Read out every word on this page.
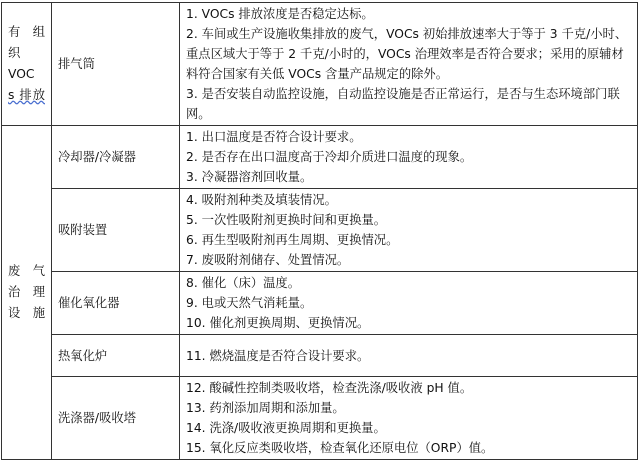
有 组
织 VOC
s 排放	排气筒	1. VOCs 排放浓度是否稳定达标。
2. 车间或生产设施收集排放的废气，VOCs 初始排放速率大于等于 3 千克/小时、重点区域大于等于 2 千克/小时的，VOCs 治理效率是否符合要求；采用的原辅材料符合国家有关低 VOCs 含量产品规定的除外。
3. 是否安装自动监控设施，自动监控设施是否正常运行，是否与生态环境部门联网。

废 气
治理
设施	冷却器/冷凝器	1. 出口温度是否符合设计要求。
2. 是否存在出口温度高于冷却介质进口温度的现象。
3. 冷凝器溶剂回收量。

	吸附装置	4. 吸附剂种类及填装情况。
5. 一次性吸附剂更换时间和更换量。
6. 再生型吸附剂再生周期、更换情况。
7. 废吸附剂储存、处置情况。

	催化氧化器	8. 催化（床）温度。
9. 电或天然气消耗量。
10. 催化剂更换周期、更换情况。

	热氧化炉	11. 燃烧温度是否符合设计要求。

	洗涤器/吸收塔	12. 酸碱性控制类吸收塔，检查洗涤/吸收液 pH 值。
13. 药剂添加周期和添加量。
14. 洗涤/吸收液更换周期和更换量。
15. 氧化反应类吸收塔，检查氧化还原电位（ORP）值。
